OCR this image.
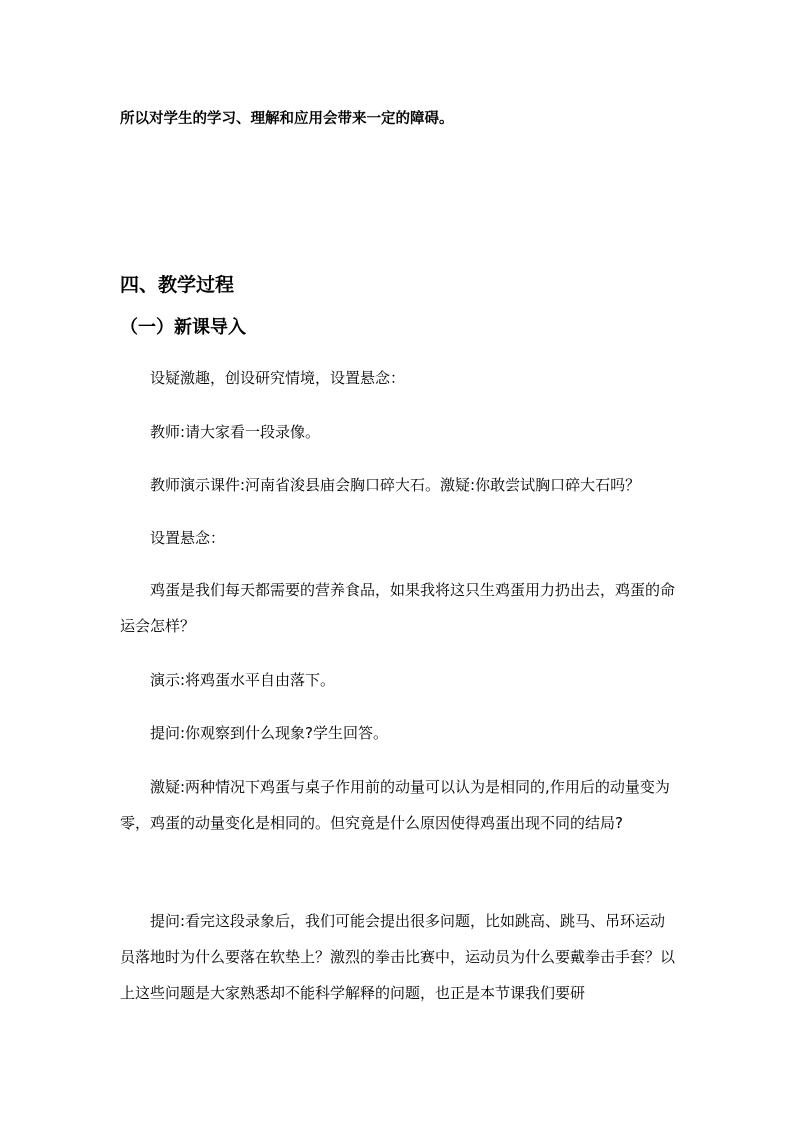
所以对学生的学习、理解和应用会带来一定的障碍。
四、教学过程
（一）新课导入
设疑激趣，创设研究情境，设置悬念：
教师:请大家看一段录像。
教师演示课件:河南省浚县庙会胸口碎大石。激疑:你敢尝试胸口碎大石吗？
设置悬念：
鸡蛋是我们每天都需要的营养食品，如果我将这只生鸡蛋用力扔出去，鸡蛋的命运会怎样？
演示:将鸡蛋水平自由落下。
提问:你观察到什么现象?学生回答。
激疑:两种情况下鸡蛋与桌子作用前的动量可以认为是相同的,作用后的动量变为零，鸡蛋的动量变化是相同的。但究竟是什么原因使得鸡蛋出现不同的结局?
提问:看完这段录象后，我们可能会提出很多问题，比如跳高、跳马、吊环运动员落地时为什么要落在软垫上？激烈的拳击比赛中，运动员为什么要戴拳击手套？以上这些问题是大家熟悉却不能科学解释的问题，也正是本节课我们要研
